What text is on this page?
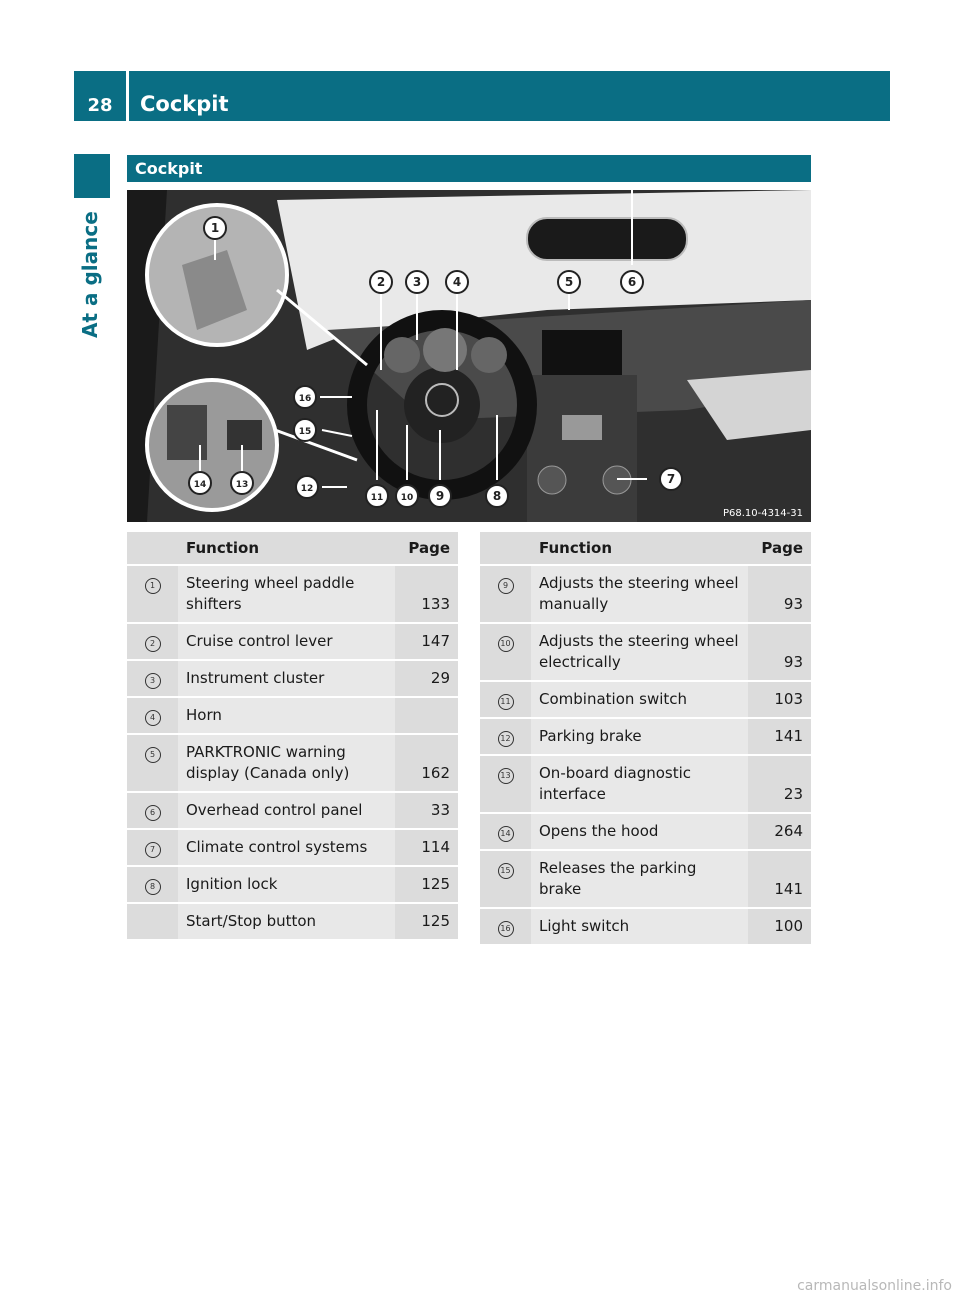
28	Cockpit
At a glance
Cockpit
1
2 3	4	5	6
7
8
9
10
11
12
13
14
15
16
P68.10-4314-31
	Function	Page
1	Steering wheel paddle shifters	133
2	Cruise control lever	147
3	Instrument cluster	29
4	Horn	
5	PARKTRONIC warning display (Canada only)	162
6	Overhead control panel	33
7	Climate control systems	114
8	Ignition lock	125
	Start/Stop button	125
	Function	Page
9	Adjusts the steering wheel manually	93
10	Adjusts the steering wheel electrically	93
11	Combination switch	103
12	Parking brake	141
13	On-board diagnostic interface	23
14	Opens the hood	264
15	Releases the parking brake	141
16	Light switch	100
carmanualsonline.info
